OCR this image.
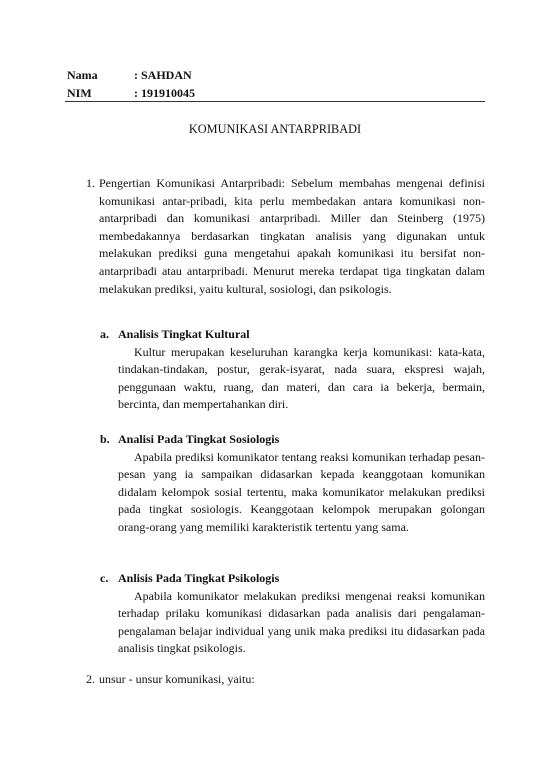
Nama	: SAHDAN
NIM	: 191910045
KOMUNIKASI ANTARPRIBADI
1. Pengertian Komunikasi Antarpribadi: Sebelum membahas mengenai definisi komunikasi antar-pribadi, kita perlu membedakan antara komunikasi non-antarpribadi dan komunikasi antarpribadi. Miller dan Steinberg (1975) membedakannya berdasarkan tingkatan analisis yang digunakan untuk melakukan prediksi guna mengetahui apakah komunikasi itu bersifat non-antarpribadi atau antarpribadi. Menurut mereka terdapat tiga tingkatan dalam melakukan prediksi, yaitu kultural, sosiologi, dan psikologis.
a. Analisis Tingkat Kultural
Kultur merupakan keseluruhan karangka kerja komunikasi: kata-kata, tindakan-tindakan, postur, gerak-isyarat, nada suara, ekspresi wajah, penggunaan waktu, ruang, dan materi, dan cara ia bekerja, bermain, bercinta, dan mempertahankan diri.
b. Analisi Pada Tingkat Sosiologis
Apabila prediksi komunikator tentang reaksi komunikan terhadap pesan-pesan yang ia sampaikan didasarkan kepada keanggotaan komunikan didalam kelompok sosial tertentu, maka komunikator melakukan prediksi pada tingkat sosiologis. Keanggotaan kelompok merupakan golongan orang-orang yang memiliki karakteristik tertentu yang sama.
c. Anlisis Pada Tingkat Psikologis
Apabila komunikator melakukan prediksi mengenai reaksi komunikan terhadap prilaku komunikasi didasarkan pada analisis dari pengalaman-pengalaman belajar individual yang unik maka prediksi itu didasarkan pada analisis tingkat psikologis.
2. unsur - unsur komunikasi, yaitu:
